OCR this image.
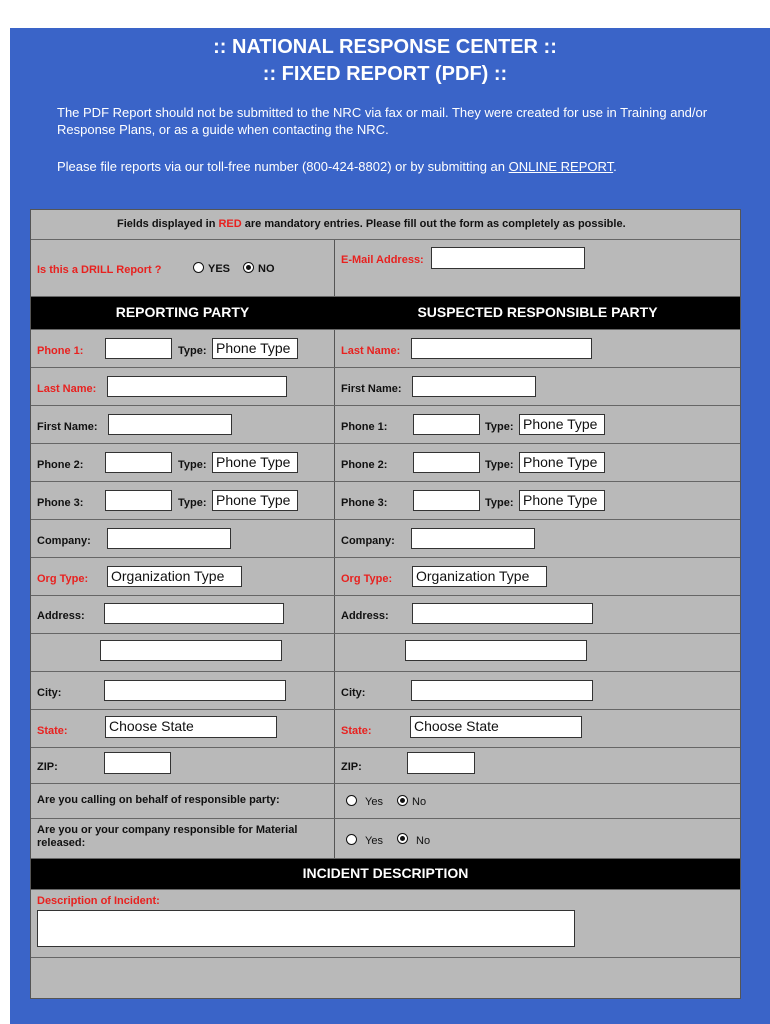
:: NATIONAL RESPONSE CENTER ::
:: FIXED REPORT (PDF) ::
The PDF Report should not be submitted to the NRC via fax or mail. They were created for use in Training and/or Response Plans, or as a guide when contacting the NRC.
Please file reports via our toll-free number (800-424-8802) or by submitting an ONLINE REPORT.
Fields displayed in RED are mandatory entries. Please fill out the form as completely as possible.
Is this a DRILL Report ?	YES	NO
E-Mail Address:
REPORTING PARTY	SUSPECTED RESPONSIBLE PARTY
Phone 1:	Type: Phone Type	Last Name:
Last Name:	First Name:
First Name:	Phone 1:	Type: Phone Type
Phone 2:	Type: Phone Type	Phone 2:	Type: Phone Type
Phone 3:	Type: Phone Type	Phone 3:	Type: Phone Type
Company:	Company:
Org Type: Organization Type	Org Type: Organization Type
Address:	Address:
City:	City:
State:	Choose State	State:	Choose State
ZIP:	ZIP:
Are you calling on behalf of responsible party:	Yes	No
Are you or your company responsible for Material
released:	Yes	No
INCIDENT DESCRIPTION
Description of Incident:
